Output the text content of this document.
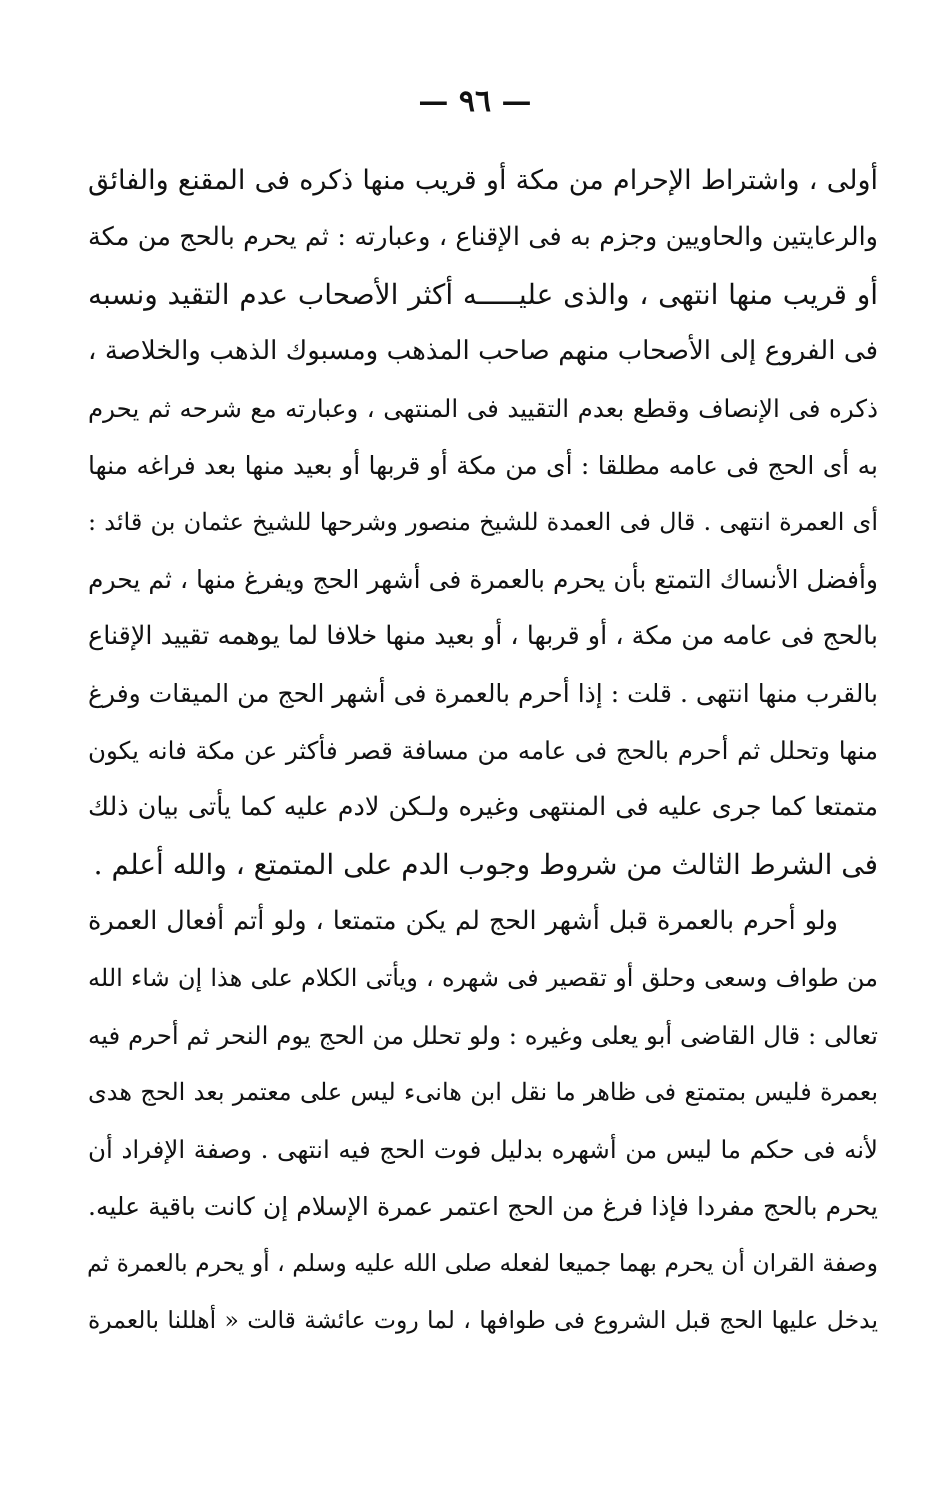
— ٩٦ —
أولى ، واشتراط الإحرام من مكة أو قريب منها ذكره فى المقنع والفائق
والرعايتين والحاويين وجزم به فى الإقناع ، وعبارته : ثم يحرم بالحج من مكة
أو قريب منها انتهى ، والذى عليـــــه أكثر الأصحاب عدم التقيد ونسبه
فى الفروع إلى الأصحاب منهم صاحب المذهب ومسبوك الذهب والخلاصة ،
ذكره فى الإنصاف وقطع بعدم التقييد فى المنتهى ، وعبارته مع شرحه ثم يحرم
به أى الحج فى عامه مطلقا : أى من مكة أو قربها أو بعيد منها بعد فراغه منها
أى العمرة انتهى . قال فى العمدة للشيخ منصور وشرحها للشيخ عثمان بن قائد :
وأفضل الأنساك التمتع بأن يحرم بالعمرة فى أشهر الحج ويفرغ منها ، ثم يحرم
بالحج فى عامه من مكة ، أو قربها ، أو بعيد منها خلافا لما يوهمه تقييد الإقناع
بالقرب منها انتهى . قلت : إذا أحرم بالعمرة فى أشهر الحج من الميقات وفرغ
منها وتحلل ثم أحرم بالحج فى عامه من مسافة قصر فأكثر عن مكة فانه يكون
متمتعا كما جرى عليه فى المنتهى وغيره ولـكن لادم عليه كما يأتى بيان ذلك
فى الشرط الثالث من شروط وجوب الدم على المتمتع ، والله أعلم .
ولو أحرم بالعمرة قبل أشهر الحج لم يكن متمتعا ، ولو أتم أفعال العمرة
من طواف وسعى وحلق أو تقصير فى شهره ، ويأتى الكلام على هذا إن شاء الله
تعالى : قال القاضى أبو يعلى وغيره : ولو تحلل من الحج يوم النحر ثم أحرم فيه
بعمرة فليس بمتمتع فى ظاهر ما نقل ابن هانىء ليس على معتمر بعد الحج هدى
لأنه فى حكم ما ليس من أشهره بدليل فوت الحج فيه انتهى . وصفة الإفراد أن
يحرم بالحج مفردا فإذا فرغ من الحج اعتمر عمرة الإسلام إن كانت باقية عليه.
وصفة القران أن يحرم بهما جميعا لفعله صلى الله عليه وسلم ، أو يحرم بالعمرة ثم
يدخل عليها الحج قبل الشروع فى طوافها ، لما روت عائشة قالت « أهللنا بالعمرة
